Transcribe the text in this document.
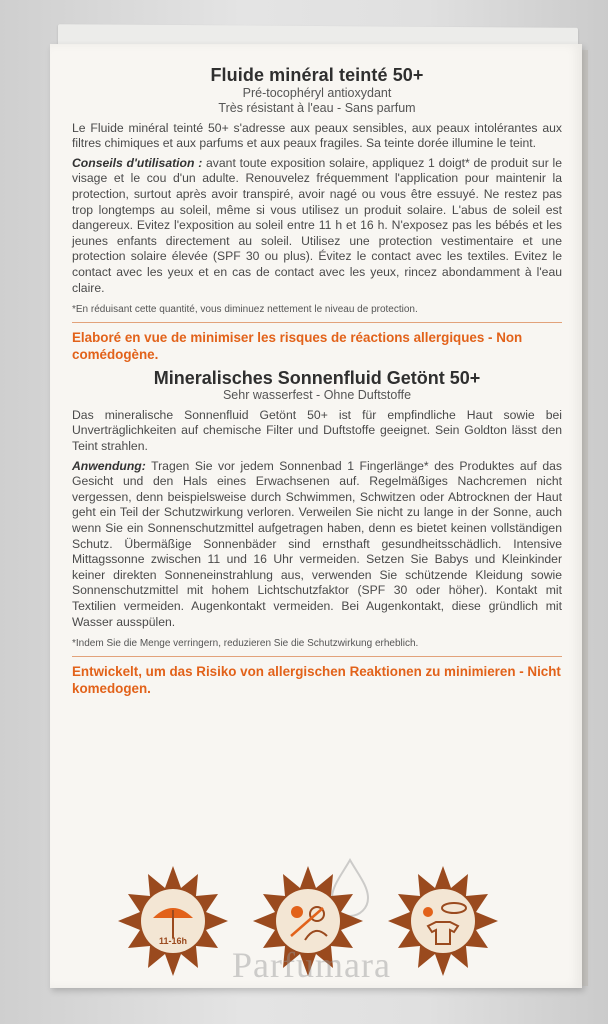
Fluide minéral teinté 50+
Pré-tocophéryl antioxydant
Très résistant à l'eau - Sans parfum

Le Fluide minéral teinté 50+ s'adresse aux peaux sensibles, aux peaux intolérantes aux filtres chimiques et aux parfums et aux peaux fragiles. Sa teinte dorée illumine le teint.

Conseils d'utilisation : avant toute exposition solaire, appliquez 1 doigt* de produit sur le visage et le cou d'un adulte. Renouvelez fréquemment l'application pour maintenir la protection, surtout après avoir transpiré, avoir nagé ou vous être essuyé. Ne restez pas trop longtemps au soleil, même si vous utilisez un produit solaire. L'abus de soleil est dangereux. Evitez l'exposition au soleil entre 11 h et 16 h. N'exposez pas les bébés et les jeunes enfants directement au soleil. Utilisez une protection vestimentaire et une protection solaire élevée (SPF 30 ou plus). Évitez le contact avec les textiles. Evitez le contact avec les yeux et en cas de contact avec les yeux, rincez abondamment à l'eau claire.

*En réduisant cette quantité, vous diminuez nettement le niveau de protection.
Elaboré en vue de minimiser les risques de réactions allergiques - Non comédogène.
Mineralisches Sonnenfluid Getönt 50+
Sehr wasserfest - Ohne Duftstoffe

Das mineralische Sonnenfluid Getönt 50+ ist für empfindliche Haut sowie bei Unverträglichkeiten auf chemische Filter und Duftstoffe geeignet. Sein Goldton lässt den Teint strahlen.

Anwendung: Tragen Sie vor jedem Sonnenbad 1 Fingerlänge* des Produktes auf das Gesicht und den Hals eines Erwachsenen auf. Regelmäßiges Nachcremen nicht vergessen, denn beispielsweise durch Schwimmen, Schwitzen oder Abtrocknen der Haut geht ein Teil der Schutzwirkung verloren. Verweilen Sie nicht zu lange in der Sonne, auch wenn Sie ein Sonnenschutzmittel aufgetragen haben, denn es bietet keinen vollständigen Schutz. Übermäßige Sonnenbäder sind ernsthaft gesundheitsschädlich. Intensive Mittagssonne zwischen 11 und 16 Uhr vermeiden. Setzen Sie Babys und Kleinkinder keiner direkten Sonneneinstrahlung aus, verwenden Sie schützende Kleidung sowie Sonnenschutzmittel mit hohem Lichtschutzfaktor (SPF 30 oder höher). Kontakt mit Textilien vermeiden. Augenkontakt vermeiden. Bei Augenkontakt, diese gründlich mit Wasser ausspülen.

*Indem Sie die Menge verringern, reduzieren Sie die Schutzwirkung erheblich.
Entwickelt, um das Risiko von allergischen Reaktionen zu minimieren - Nicht komedogen.
11-16h
Parfumara
